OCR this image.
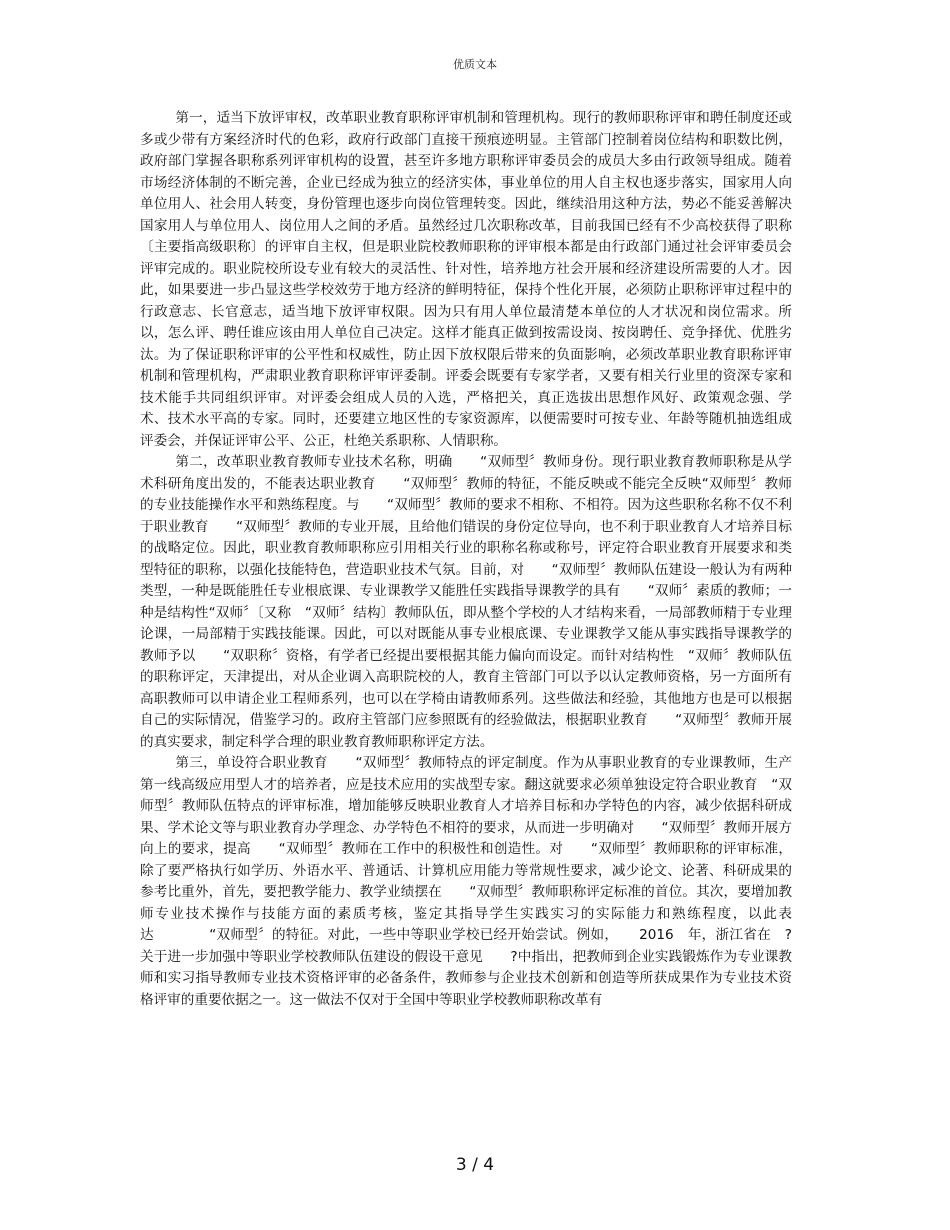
优质文本

第一，适当下放评审权，改革职业教育职称评审机制和管理机构。现行的教师职称评审和聘任制度还或多或少带有方案经济时代的色彩，政府行政部门直接干预痕迹明显。主管部门控制着岗位结构和职数比例，政府部门掌握各职称系列评审机构的设置，甚至许多地方职称评审委员会的成员大多由行政领导组成。随着市场经济体制的不断完善，企业已经成为独立的经济实体，事业单位的用人自主权也逐步落实，国家用人向单位用人、社会用人转变，身份管理也逐步向岗位管理转变。因此，继续沿用这种方法，势必不能妥善解决国家用人与单位用人、岗位用人之间的矛盾。虽然经过几次职称改革，目前我国已经有不少高校获得了职称〔主要指高级职称〕的评审自主权，但是职业院校教师职称的评审根本都是由行政部门通过社会评审委员会评审完成的。职业院校所设专业有较大的灵活性、针对性，培养地方社会开展和经济建设所需要的人才。因此，如果要进一步凸显这些学校效劳于地方经济的鲜明特征，保持个性化开展，必须防止职称评审过程中的行政意志、长官意志，适当地下放评审权限。因为只有用人单位最清楚本单位的人才状况和岗位需求。所以，怎么评、聘任谁应该由用人单位自己决定。这样才能真正做到按需设岗、按岗聘任、竞争择优、优胜劣汰。为了保证职称评审的公平性和权威性，防止因下放权限后带来的负面影响，必须改革职业教育职称评审机制和管理机构，严肃职业教育职称评审评委制。评委会既要有专家学者，又要有相关行业里的资深专家和技术能手共同组织评审。对评委会组成人员的入选，严格把关，真正选拔出思想作风好、政策观念强、学术、技术水平高的专家。同时，还要建立地区性的专家资源库，以便需要时可按专业、年龄等随机抽选组成评委会，并保证评审公平、公正，杜绝关系职称、人情职称。

第二，改革职业教育教师专业技术名称，明确　　“双师型〞教师身份。现行职业教育教师职称是从学术科研角度出发的，不能表达职业教育　　“双师型〞教师的特征，不能反映或不能完全反映“双师型〞教师的专业技能操作水平和熟练程度。与　　“双师型〞教师的要求不相称、不相符。因为这些职称名称不仅不利于职业教育　　“双师型〞教师的专业开展，且给他们错误的身份定位导向，也不利于职业教育人才培养目标的战略定位。因此，职业教育教师职称应引用相关行业的职称名称或称号，评定符合职业教育开展要求和类型特征的职称，以强化技能特色，营造职业技术气氛。目前，对　　“双师型〞教师队伍建设一般认为有两种类型，一种是既能胜任专业根底课、专业课教学又能胜任实践指导课教学的具有　　“双师〞素质的教师；一种是结构性“双师〞〔又称　“双师〞结构〕教师队伍，即从整个学校的人才结构来看，一局部教师精于专业理论课，一局部精于实践技能课。因此，可以对既能从事专业根底课、专业课教学又能从事实践指导课教学的教师予以　　“双职称〞资格，有学者已经提出要根据其能力偏向而设定。而针对结构性　“双师〞教师队伍的职称评定，天津提出，对从企业调入高职院校的人，教育主管部门可以予以认定教师资格，另一方面所有高职教师可以申请企业工程师系列，也可以在学椅由请教师系列。这些做法和经验，其他地方也是可以根据自己的实际情况，借鉴学习的。政府主管部门应参照既有的经验做法，根据职业教育　　“双师型〞教师开展的真实要求，制定科学合理的职业教育教师职称评定方法。

第三，单设符合职业教育　　“双师型〞教师特点的评定制度。作为从事职业教育的专业课教师，生产第一线高级应用型人才的培养者，应是技术应用的实战型专家。翻这就要求必须单独设定符合职业教育　“双师型〞教师队伍特点的评审标准，增加能够反映职业教育人才培养目标和办学特色的内容，减少依据科研成果、学术论文等与职业教育办学理念、办学特色不相符的要求，从而进一步明确对　　“双师型〞教师开展方向上的要求，提高　　“双师型〞教师在工作中的积极性和创造性。对　　“双师型〞教师职称的评审标准，除了要严格执行如学历、外语水平、普通话、计算机应用能力等常规性要求，减少论文、论著、科研成果的参考比重外，首先，要把教学能力、教学业绩摆在　　“双师型〞教师职称评定标准的首位。其次，要增加教师专业技术操作与技能方面的素质考核，鉴定其指导学生实践实习的实际能力和熟练程度，以此表达　　　　“双师型〞的特征。对此，一些中等职业学校已经开始尝试。例如，　　2016　年，浙江省在　?关于进一步加强中等职业学校教师队伍建设的假设干意见　　?中指出，把教师到企业实践锻炼作为专业课教师和实习指导教师专业技术资格评审的必备条件，教师参与企业技术创新和创造等所获成果作为专业技术资格评审的重要依据之一。这一做法不仅对于全国中等职业学校教师职称改革有

3 / 4
